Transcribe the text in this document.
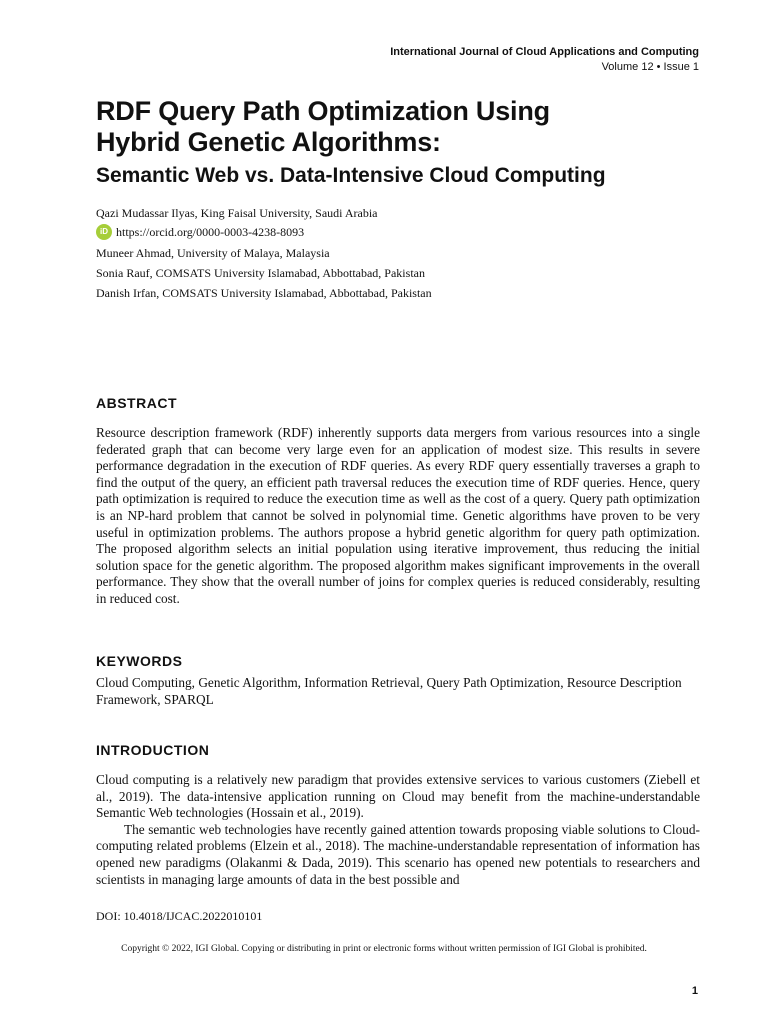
International Journal of Cloud Applications and Computing
Volume 12 • Issue 1
RDF Query Path Optimization Using
Hybrid Genetic Algorithms:
Semantic Web vs. Data-Intensive Cloud Computing
Qazi Mudassar Ilyas, King Faisal University, Saudi Arabia
iD https://orcid.org/0000-0003-4238-8093
Muneer Ahmad, University of Malaya, Malaysia
Sonia Rauf, COMSATS University Islamabad, Abbottabad, Pakistan
Danish Irfan, COMSATS University Islamabad, Abbottabad, Pakistan
ABSTRACT

Resource description framework (RDF) inherently supports data mergers from various resources into a single federated graph that can become very large even for an application of modest size. This results in severe performance degradation in the execution of RDF queries. As every RDF query essentially traverses a graph to find the output of the query, an efficient path traversal reduces the execution time of RDF queries. Hence, query path optimization is required to reduce the execution time as well as the cost of a query. Query path optimization is an NP-hard problem that cannot be solved in polynomial time. Genetic algorithms have proven to be very useful in optimization problems. The authors propose a hybrid genetic algorithm for query path optimization. The proposed algorithm selects an initial population using iterative improvement, thus reducing the initial solution space for the genetic algorithm. The proposed algorithm makes significant improvements in the overall performance. They show that the overall number of joins for complex queries is reduced considerably, resulting in reduced cost.

KEYWORDS

Cloud Computing, Genetic Algorithm, Information Retrieval, Query Path Optimization, Resource Description Framework, SPARQL

INTRODUCTION

Cloud computing is a relatively new paradigm that provides extensive services to various customers (Ziebell et al., 2019). The data-intensive application running on Cloud may benefit from the machine-understandable Semantic Web technologies (Hossain et al., 2019).

The semantic web technologies have recently gained attention towards proposing viable solutions to Cloud-computing related problems (Elzein et al., 2018). The machine-understandable representation of information has opened new paradigms (Olakanmi & Dada, 2019). This scenario has opened new potentials to researchers and scientists in managing large amounts of data in the best possible and

DOI: 10.4018/IJCAC.2022010101
Copyright © 2022, IGI Global. Copying or distributing in print or electronic forms without written permission of IGI Global is prohibited.
1
